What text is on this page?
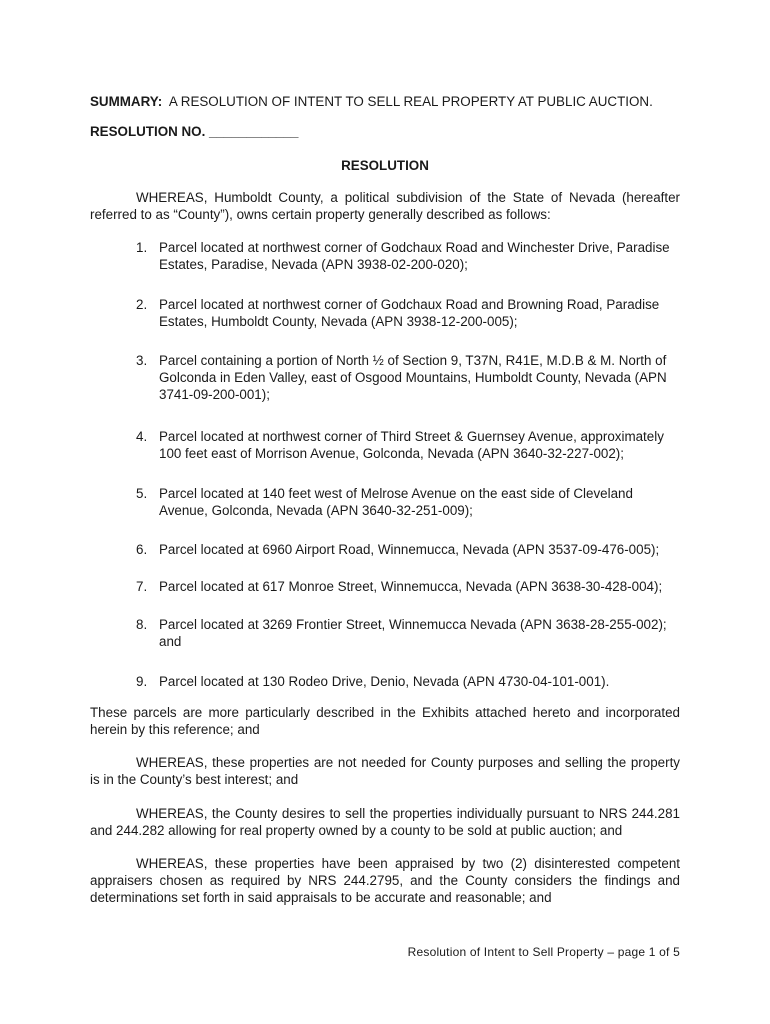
SUMMARY: A RESOLUTION OF INTENT TO SELL REAL PROPERTY AT PUBLIC AUCTION.

RESOLUTION NO. ____________

RESOLUTION

WHEREAS, Humboldt County, a political subdivision of the State of Nevada (hereafter referred to as “County”), owns certain property generally described as follows:

1. Parcel located at northwest corner of Godchaux Road and Winchester Drive, Paradise Estates, Paradise, Nevada (APN 3938-02-200-020);
2. Parcel located at northwest corner of Godchaux Road and Browning Road, Paradise Estates, Humboldt County, Nevada (APN 3938-12-200-005);
3. Parcel containing a portion of North ½ of Section 9, T37N, R41E, M.D.B & M. North of Golconda in Eden Valley, east of Osgood Mountains, Humboldt County, Nevada (APN 3741-09-200-001);
4. Parcel located at northwest corner of Third Street & Guernsey Avenue, approximately 100 feet east of Morrison Avenue, Golconda, Nevada (APN 3640-32-227-002);
5. Parcel located at 140 feet west of Melrose Avenue on the east side of Cleveland Avenue, Golconda, Nevada (APN 3640-32-251-009);
6. Parcel located at 6960 Airport Road, Winnemucca, Nevada (APN 3537-09-476-005);
7. Parcel located at 617 Monroe Street, Winnemucca, Nevada (APN 3638-30-428-004);
8. Parcel located at 3269 Frontier Street, Winnemucca Nevada (APN 3638-28-255-002); and
9. Parcel located at 130 Rodeo Drive, Denio, Nevada (APN 4730-04-101-001).

These parcels are more particularly described in the Exhibits attached hereto and incorporated herein by this reference; and

WHEREAS, these properties are not needed for County purposes and selling the property is in the County’s best interest; and

WHEREAS, the County desires to sell the properties individually pursuant to NRS 244.281 and 244.282 allowing for real property owned by a county to be sold at public auction; and

WHEREAS, these properties have been appraised by two (2) disinterested competent appraisers chosen as required by NRS 244.2795, and the County considers the findings and determinations set forth in said appraisals to be accurate and reasonable; and

Resolution of Intent to Sell Property – page 1 of 5
